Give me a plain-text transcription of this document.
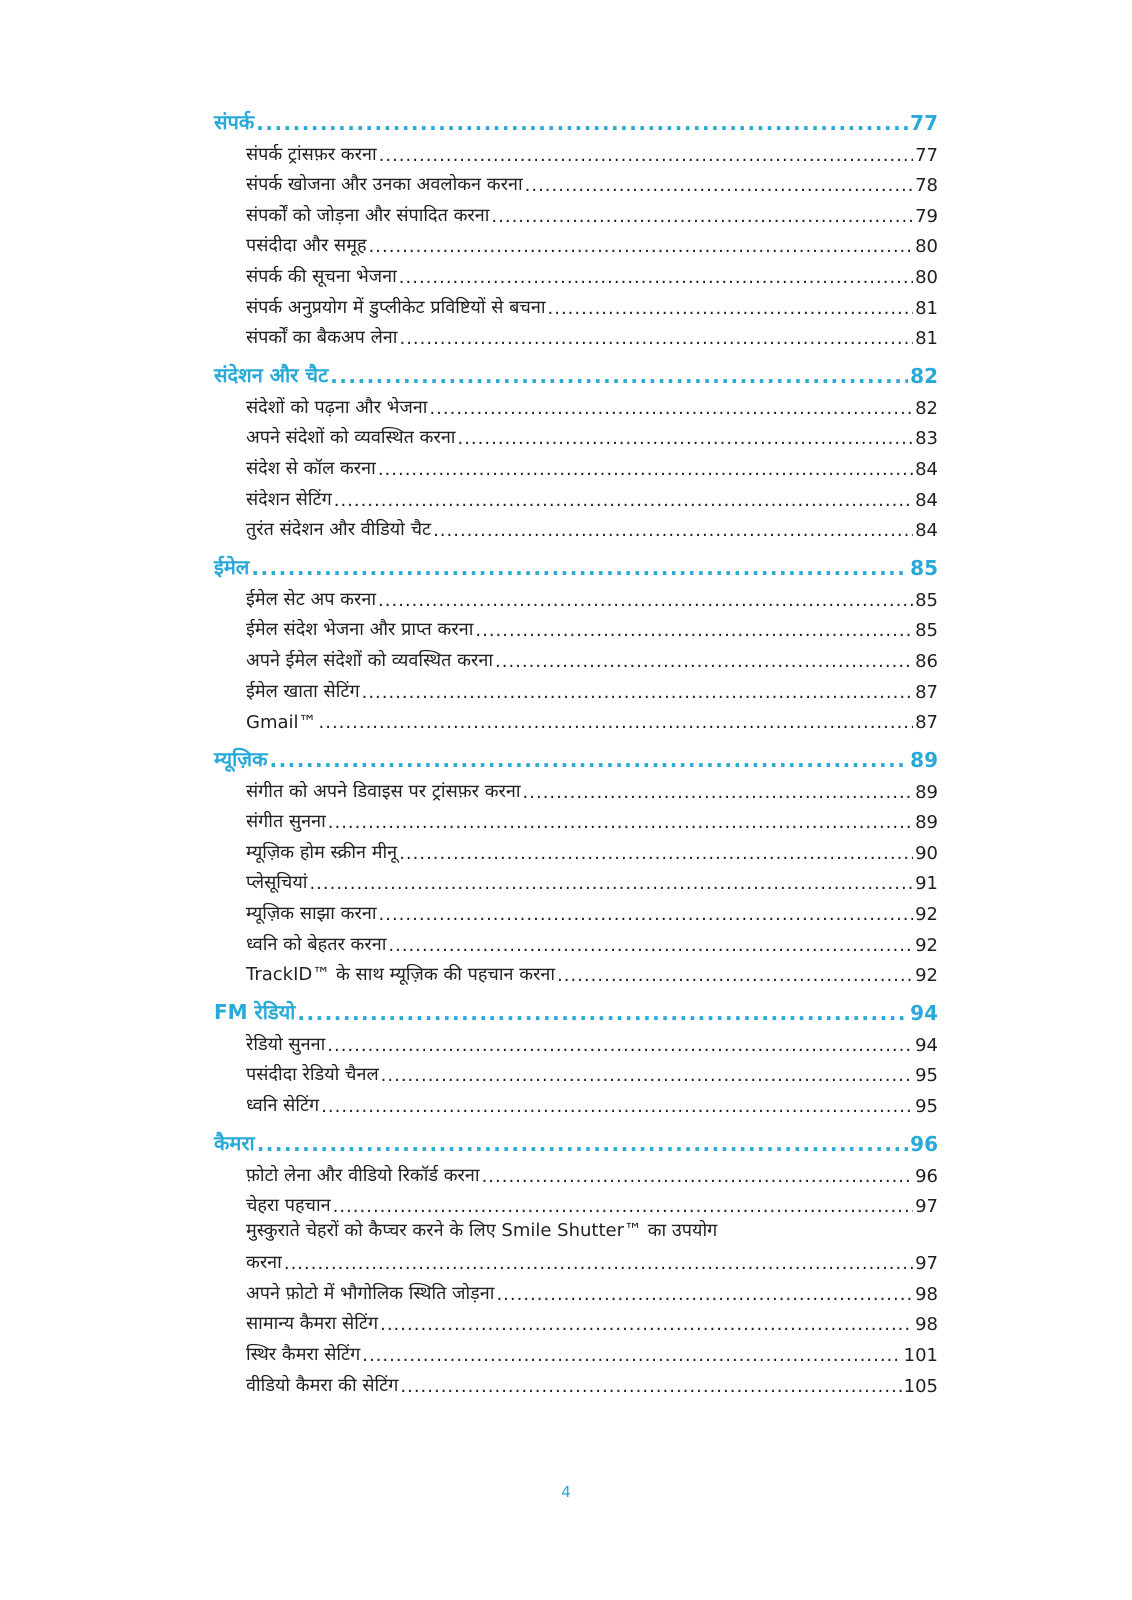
संपर्क .....	77
संपर्क ट्रांसफ़र करना .....	77
संपर्क खोजना और उनका अवलोकन करना .....	78
संपर्कों को जोड़ना और संपादित करना .....	79
पसंदीदा और समूह .....	80
संपर्क की सूचना भेजना .....	80
संपर्क अनुप्रयोग में डुप्लीकेट प्रविष्टियों से बचना .....	81
संपर्कों का बैकअप लेना .....	81
संदेशन और चैट .....	82
संदेशों को पढ़ना और भेजना .....	82
अपने संदेशों को व्यवस्थित करना .....	83
संदेश से कॉल करना .....	84
संदेशन सेटिंग .....	84
तुरंत संदेशन और वीडियो चैट .....	84
ईमेल .....	85
ईमेल सेट अप करना .....	85
ईमेल संदेश भेजना और प्राप्त करना .....	85
अपने ईमेल संदेशों को व्यवस्थित करना .....	86
ईमेल खाता सेटिंग .....	87
Gmail™ .....	87
म्यूज़िक .....	89
संगीत को अपने डिवाइस पर ट्रांसफ़र करना .....	89
संगीत सुनना .....	89
म्यूज़िक होम स्क्रीन मीनू .....	90
प्लेसूचियां .....	91
म्यूज़िक साझा करना .....	92
ध्वनि को बेहतर करना .....	92
TrackID™ के साथ म्यूज़िक की पहचान करना .....	92
FM रेडियो .....	94
रेडियो सुनना .....	94
पसंदीदा रेडियो चैनल .....	95
ध्वनि सेटिंग .....	95
कैमरा .....	96
फ़ोटो लेना और वीडियो रिकॉर्ड करना .....	96
चेहरा पहचान .....	97
मुस्कुराते चेहरों को कैप्चर करने के लिए Smile Shutter™ का उपयोग
करना .....	97
अपने फ़ोटो में भौगोलिक स्थिति जोड़ना .....	98
सामान्य कैमरा सेटिंग .....	98
स्थिर कैमरा सेटिंग .....	101
वीडियो कैमरा की सेटिंग .....	105
4
